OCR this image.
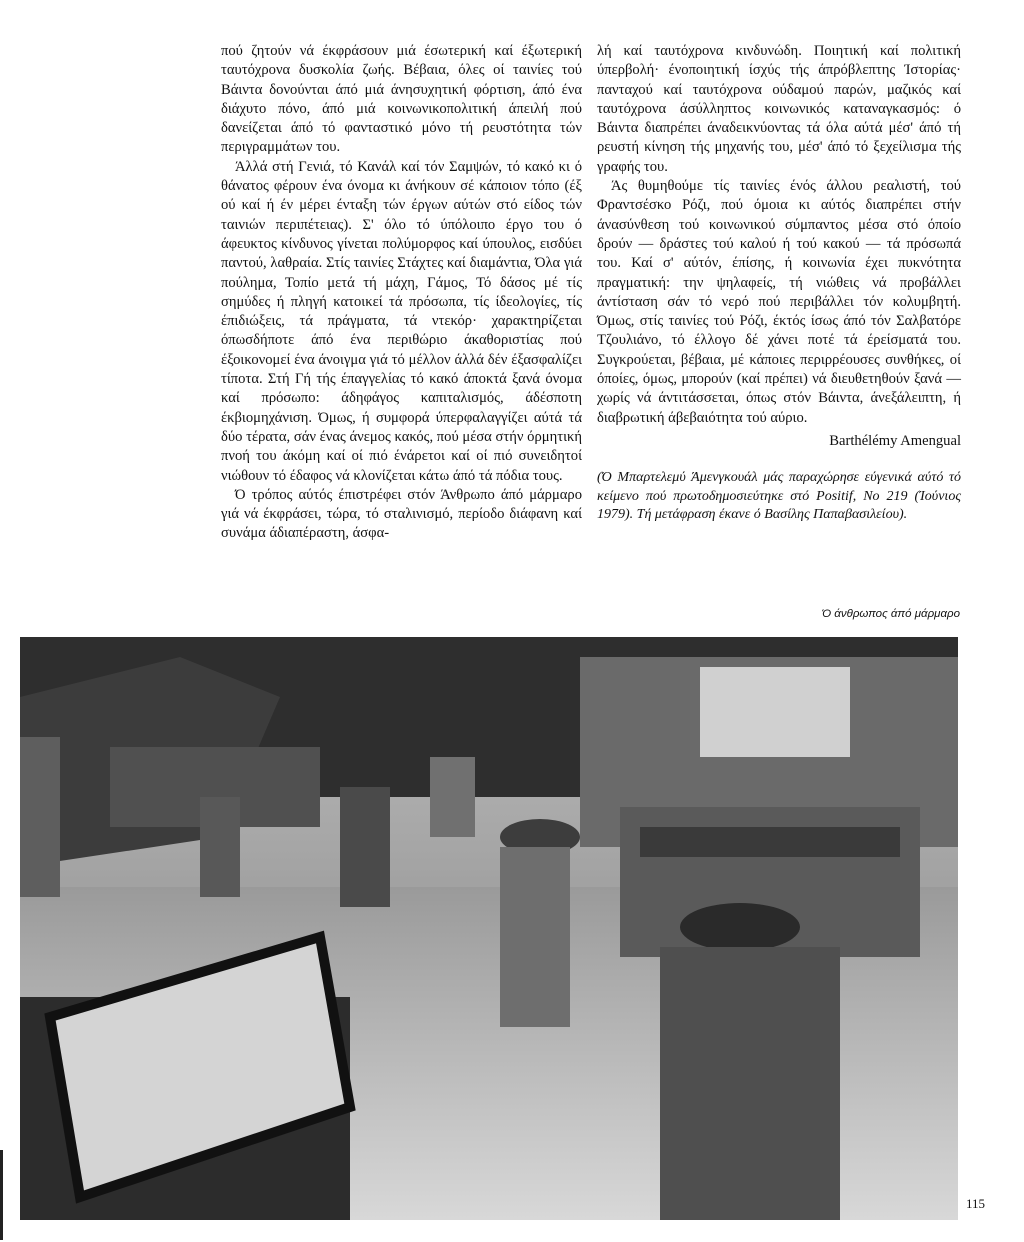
πού ζητούν νά έκφράσουν μιά έσωτερική καί έξωτερική ταυτόχρονα δυσκολία ζωής. Βέβαια, όλες οί ταινίες τού Βάιντα δονούνται άπό μιά άνησυχητική φόρτιση, άπό ένα διάχυτο πόνο, άπό μιά κοινωνικοπολιτική άπειλή πού δανείζεται άπό τό φανταστικό μόνο τή ρευστότητα τών περιγραμμάτων του.

Άλλά στή Γενιά, τό Κανάλ καί τόν Σαμψών, τό κακό κι ό θάνατος φέρουν ένα όνομα κι άνήκουν σέ κάποιον τόπο (έξ ού καί ή έν μέρει ένταξη τών έργων αύτών στό είδος τών ταινιών περιπέτειας). Σ' όλο τό ύπόλοιπο έργο του ό άφευκτος κίνδυνος γίνεται πολύμορφος καί ύπουλος, εισδύει παντού, λαθραία. Στίς ταινίες Στάχτες καί διαμάντια, Όλα γιά πούλημα, Τοπίο μετά τή μάχη, Γάμος, Τό δάσος μέ τίς σημύδες ή πληγή κατοικεί τά πρόσωπα, τίς ίδεολογίες, τίς έπιδιώξεις, τά πράγματα, τά ντεκόρ· χαρακτηρίζεται όπωσδήποτε άπό ένα περιθώριο άκαθοριστίας πού έξοικονομεί ένα άνοιγμα γιά τό μέλλον άλλά δέν έξασφαλίζει τίποτα. Στή Γή τής έπαγγελίας τό κακό άποκτά ξανά όνομα καί πρόσωπο: άδηφάγος καπιταλισμός, άδέσποτη έκβιομηχάνιση. Όμως, ή συμφορά ύπερφαλαγγίζει αύτά τά δύο τέρατα, σάν ένας άνεμος κακός, πού μέσα στήν όρμητική πνοή του άκόμη καί οί πιό ένάρετοι καί οί πιό συνειδητοί νιώθουν τό έδαφος νά κλονίζεται κάτω άπό τά πόδια τους.

Ό τρόπος αύτός έπιστρέφει στόν Άνθρωπο άπό μάρμαρο γιά νά έκφράσει, τώρα, τό σταλινισμό, περίοδο διάφανη καί συνάμα άδιαπέραστη, άσφα-

λή καί ταυτόχρονα κινδυνώδη. Ποιητική καί πολιτική ύπερβολή· ένοποιητική ίσχύς τής άπρόβλεπτης Ίστορίας· πανταχού καί ταυτόχρονα ούδαμού παρών, μαζικός καί ταυτόχρονα άσύλληπτος κοινωνικός καταναγκασμός: ό Βάιντα διαπρέπει άναδεικνύοντας τά όλα αύτά μέσ' άπό τή ρευστή κίνηση τής μηχανής του, μέσ' άπό τό ξεχείλισμα τής γραφής του.

Άς θυμηθούμε τίς ταινίες ένός άλλου ρεαλιστή, τού Φραντσέσκο Ρόζι, πού όμοια κι αύτός διαπρέπει στήν άνασύνθεση τού κοινωνικού σύμπαντος μέσα στό όποίο δρούν — δράστες τού καλού ή τού κακού — τά πρόσωπά του. Καί σ' αύτόν, έπίσης, ή κοινωνία έχει πυκνότητα πραγματική: την ψηλαφείς, τή νιώθεις νά προβάλλει άντίσταση σάν τό νερό πού περιβάλλει τόν κολυμβητή. Όμως, στίς ταινίες τού Ρόζι, έκτός ίσως άπό τόν Σαλβατόρε Τζουλιάνο, τό έλλογο δέ χάνει ποτέ τά έρείσματά του. Συγκρούεται, βέβαια, μέ κάποιες περιρρέουσες συνθήκες, οί όποίες, όμως, μπορούν (καί πρέπει) νά διευθετηθούν ξανά — χωρίς νά άντιτάσσεται, όπως στόν Βάιντα, άνεξάλειπτη, ή διαβρωτική άβεβαιότητα τού αύριο.

Barthélémy Amengual

(Ό Μπαρτελεμύ Άμενγκουάλ μάς παραχώρησε εύγενικά αύτό τό κείμενο πού πρωτοδημοσιεύτηκε στό Positif, No 219 (Ίούνιος 1979). Τή μετάφραση έκανε ό Βασίλης Παπαβασιλείου).

Ό άνθρωπος άπό μάρμαρο
115
